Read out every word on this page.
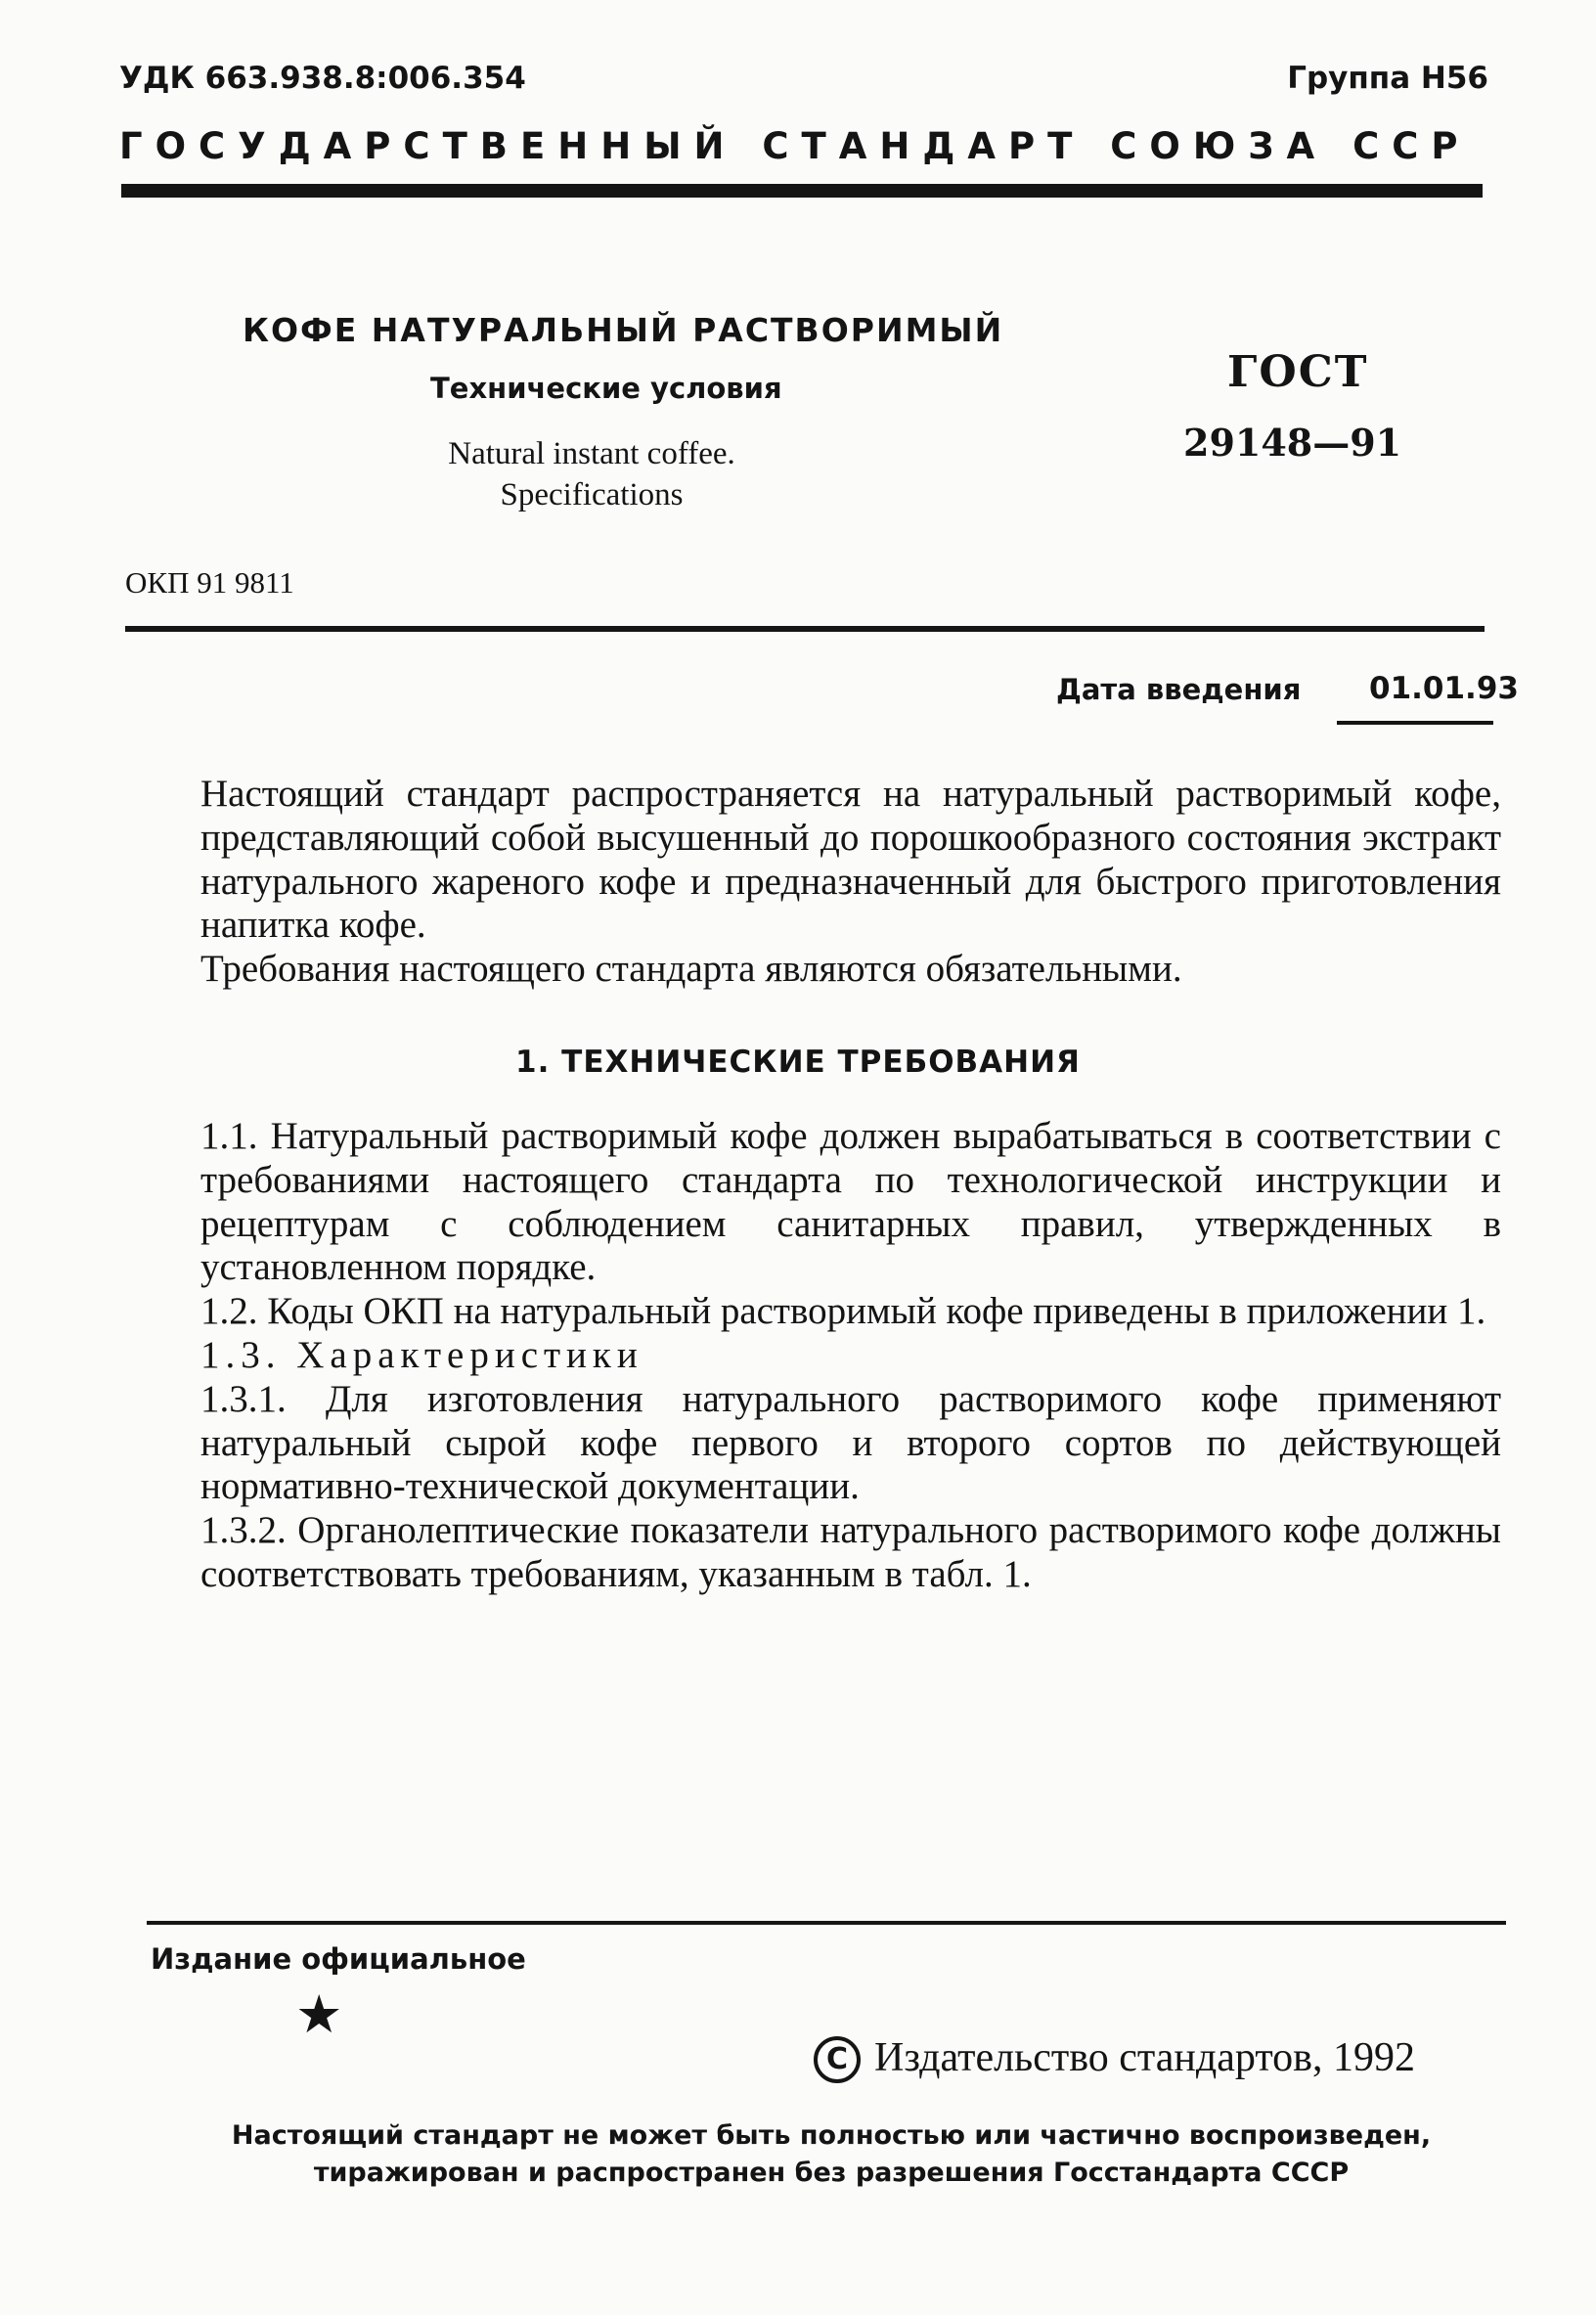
УДК 663.938.8:006.354	Группа Н56
ГОСУДАРСТВЕННЫЙ СТАНДАРТ СОЮЗА ССР
КОФЕ НАТУРАЛЬНЫЙ РАСТВОРИМЫЙ
Технические условия
Natural instant coffee.
Specifications
ГОСТ
29148—91
ОКП 91 9811
Дата введения 01.01.93

Настоящий стандарт распространяется на натуральный растворимый кофе, представляющий собой высушенный до порошкообразного состояния экстракт натурального жареного кофе и предназначенный для быстрого приготовления напитка кофе.

Требования настоящего стандарта являются обязательными.

1. ТЕХНИЧЕСКИЕ ТРЕБОВАНИЯ

1.1. Натуральный растворимый кофе должен вырабатываться в соответствии с требованиями настоящего стандарта по технологической инструкции и рецептурам с соблюдением санитарных правил, утвержденных в установленном порядке.

1.2. Коды ОКП на натуральный растворимый кофе приведены в приложении 1.

1.3. Характеристики

1.3.1. Для изготовления натурального растворимого кофе применяют натуральный сырой кофе первого и второго сортов по действующей нормативно-технической документации.

1.3.2. Органолептические показатели натурального растворимого кофе должны соответствовать требованиям, указанным в табл. 1.

Издание официальное
★
C Издательство стандартов, 1992
Настоящий стандарт не может быть полностью или частично воспроизведен,
тиражирован и распространен без разрешения Госстандарта СССР
